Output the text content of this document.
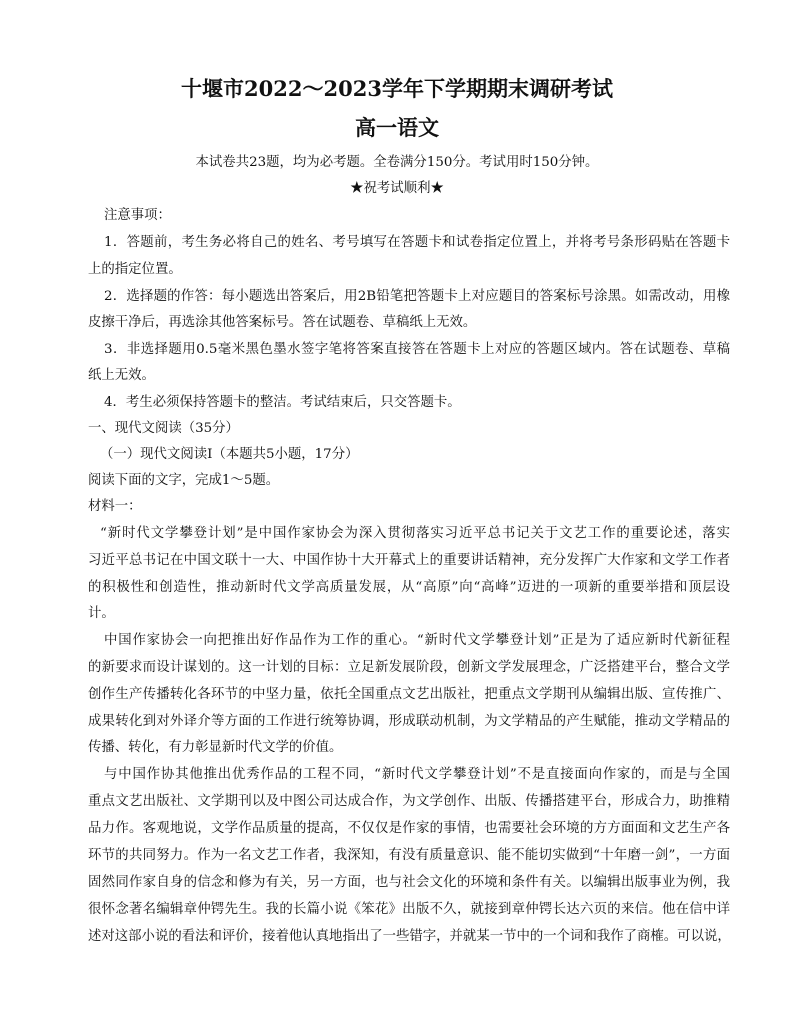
十堰市2022～2023学年下学期期末调研考试
高一语文
本试卷共23题，均为必考题。全卷满分150分。考试用时150分钟。
★祝考试顺利★
注意事项：
1．答题前，考生务必将自己的姓名、考号填写在答题卡和试卷指定位置上，并将考号条形码贴在答题卡
上的指定位置。
2．选择题的作答：每小题选出答案后，用2B铅笔把答题卡上对应题目的答案标号涂黑。如需改动，用橡
皮擦干净后，再选涂其他答案标号。答在试题卷、草稿纸上无效。
3．非选择题用0.5毫米黑色墨水签字笔将答案直接答在答题卡上对应的答题区域内。答在试题卷、草稿
纸上无效。
4．考生必须保持答题卡的整洁。考试结束后，只交答题卡。
一、现代文阅读（35分）
（一）现代文阅读Ⅰ（本题共5小题，17分）
阅读下面的文字，完成1～5题。
材料一：
“新时代文学攀登计划”是中国作家协会为深入贯彻落实习近平总书记关于文艺工作的重要论述，落实
习近平总书记在中国文联十一大、中国作协十大开幕式上的重要讲话精神，充分发挥广大作家和文学工作者
的积极性和创造性，推动新时代文学高质量发展，从“高原”向“高峰”迈进的一项新的重要举措和顶层设
计。
中国作家协会一向把推出好作品作为工作的重心。“新时代文学攀登计划”正是为了适应新时代新征程
的新要求而设计谋划的。这一计划的目标：立足新发展阶段，创新文学发展理念，广泛搭建平台，整合文学
创作生产传播转化各环节的中坚力量，依托全国重点文艺出版社，把重点文学期刊从编辑出版、宣传推广、
成果转化到对外译介等方面的工作进行统筹协调，形成联动机制，为文学精品的产生赋能，推动文学精品的
传播、转化，有力彰显新时代文学的价值。
与中国作协其他推出优秀作品的工程不同，“新时代文学攀登计划”不是直接面向作家的，而是与全国
重点文艺出版社、文学期刊以及中图公司达成合作，为文学创作、出版、传播搭建平台，形成合力，助推精
品力作。客观地说，文学作品质量的提高，不仅仅是作家的事情，也需要社会环境的方方面面和文艺生产各
环节的共同努力。作为一名文艺工作者，我深知，有没有质量意识、能不能切实做到“十年磨一剑”，一方面
固然同作家自身的信念和修为有关，另一方面，也与社会文化的环境和条件有关。以编辑出版事业为例，我
很怀念著名编辑章仲锷先生。我的长篇小说《笨花》出版不久，就接到章仲锷长达六页的来信。他在信中详
述对这部小说的看法和评价，接着他认真地指出了一些错字，并就某一节中的一个词和我作了商榷。可以说，
